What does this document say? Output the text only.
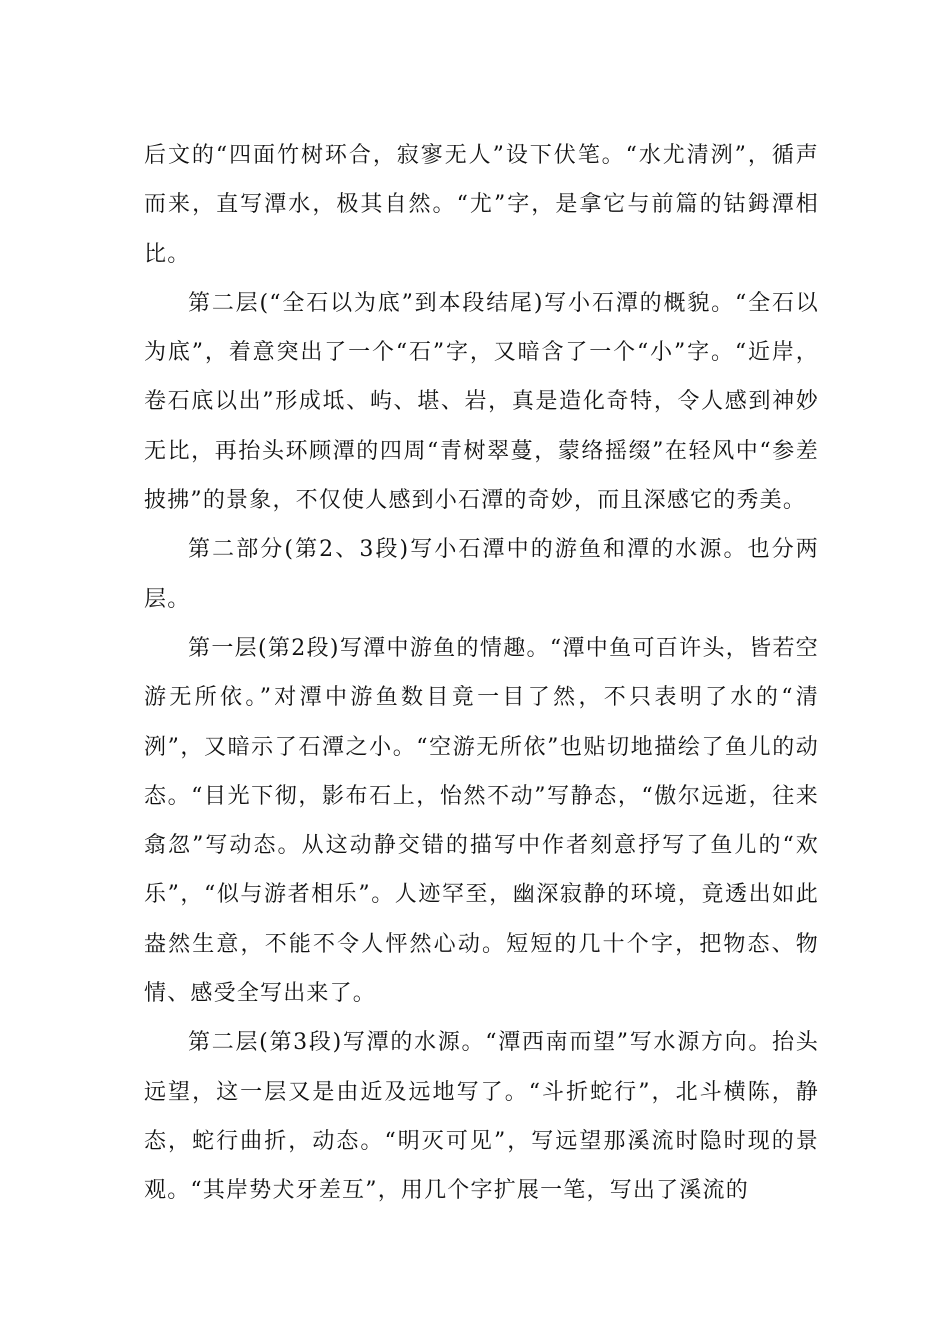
后文的“四面竹树环合，寂寥无人”设下伏笔。“水尤清洌”，循声而来，直写潭水，极其自然。“尤”字，是拿它与前篇的钴鉧潭相比。

第二层(“全石以为底”到本段结尾)写小石潭的概貌。“全石以为底”，着意突出了一个“石”字，又暗含了一个“小”字。“近岸，卷石底以出”形成坻、屿、堪、岩，真是造化奇特，令人感到神妙无比，再抬头环顾潭的四周“青树翠蔓，蒙络摇缀”在轻风中“参差披拂”的景象，不仅使人感到小石潭的奇妙，而且深感它的秀美。

第二部分(第2、3段)写小石潭中的游鱼和潭的水源。也分两层。

第一层(第2段)写潭中游鱼的情趣。“潭中鱼可百许头，皆若空游无所依。”对潭中游鱼数目竟一目了然，不只表明了水的“清洌”，又暗示了石潭之小。“空游无所依”也贴切地描绘了鱼儿的动态。“目光下彻，影布石上，怡然不动”写静态，“傲尔远逝，往来翕忽”写动态。从这动静交错的描写中作者刻意抒写了鱼儿的“欢乐”，“似与游者相乐”。人迹罕至，幽深寂静的环境，竟透出如此盎然生意，不能不令人怦然心动。短短的几十个字，把物态、物情、感受全写出来了。

第二层(第3段)写潭的水源。“潭西南而望”写水源方向。抬头远望，这一层又是由近及远地写了。“斗折蛇行”，北斗横陈，静态，蛇行曲折，动态。“明灭可见”，写远望那溪流时隐时现的景观。“其岸势犬牙差互”，用几个字扩展一笔，写出了溪流的
